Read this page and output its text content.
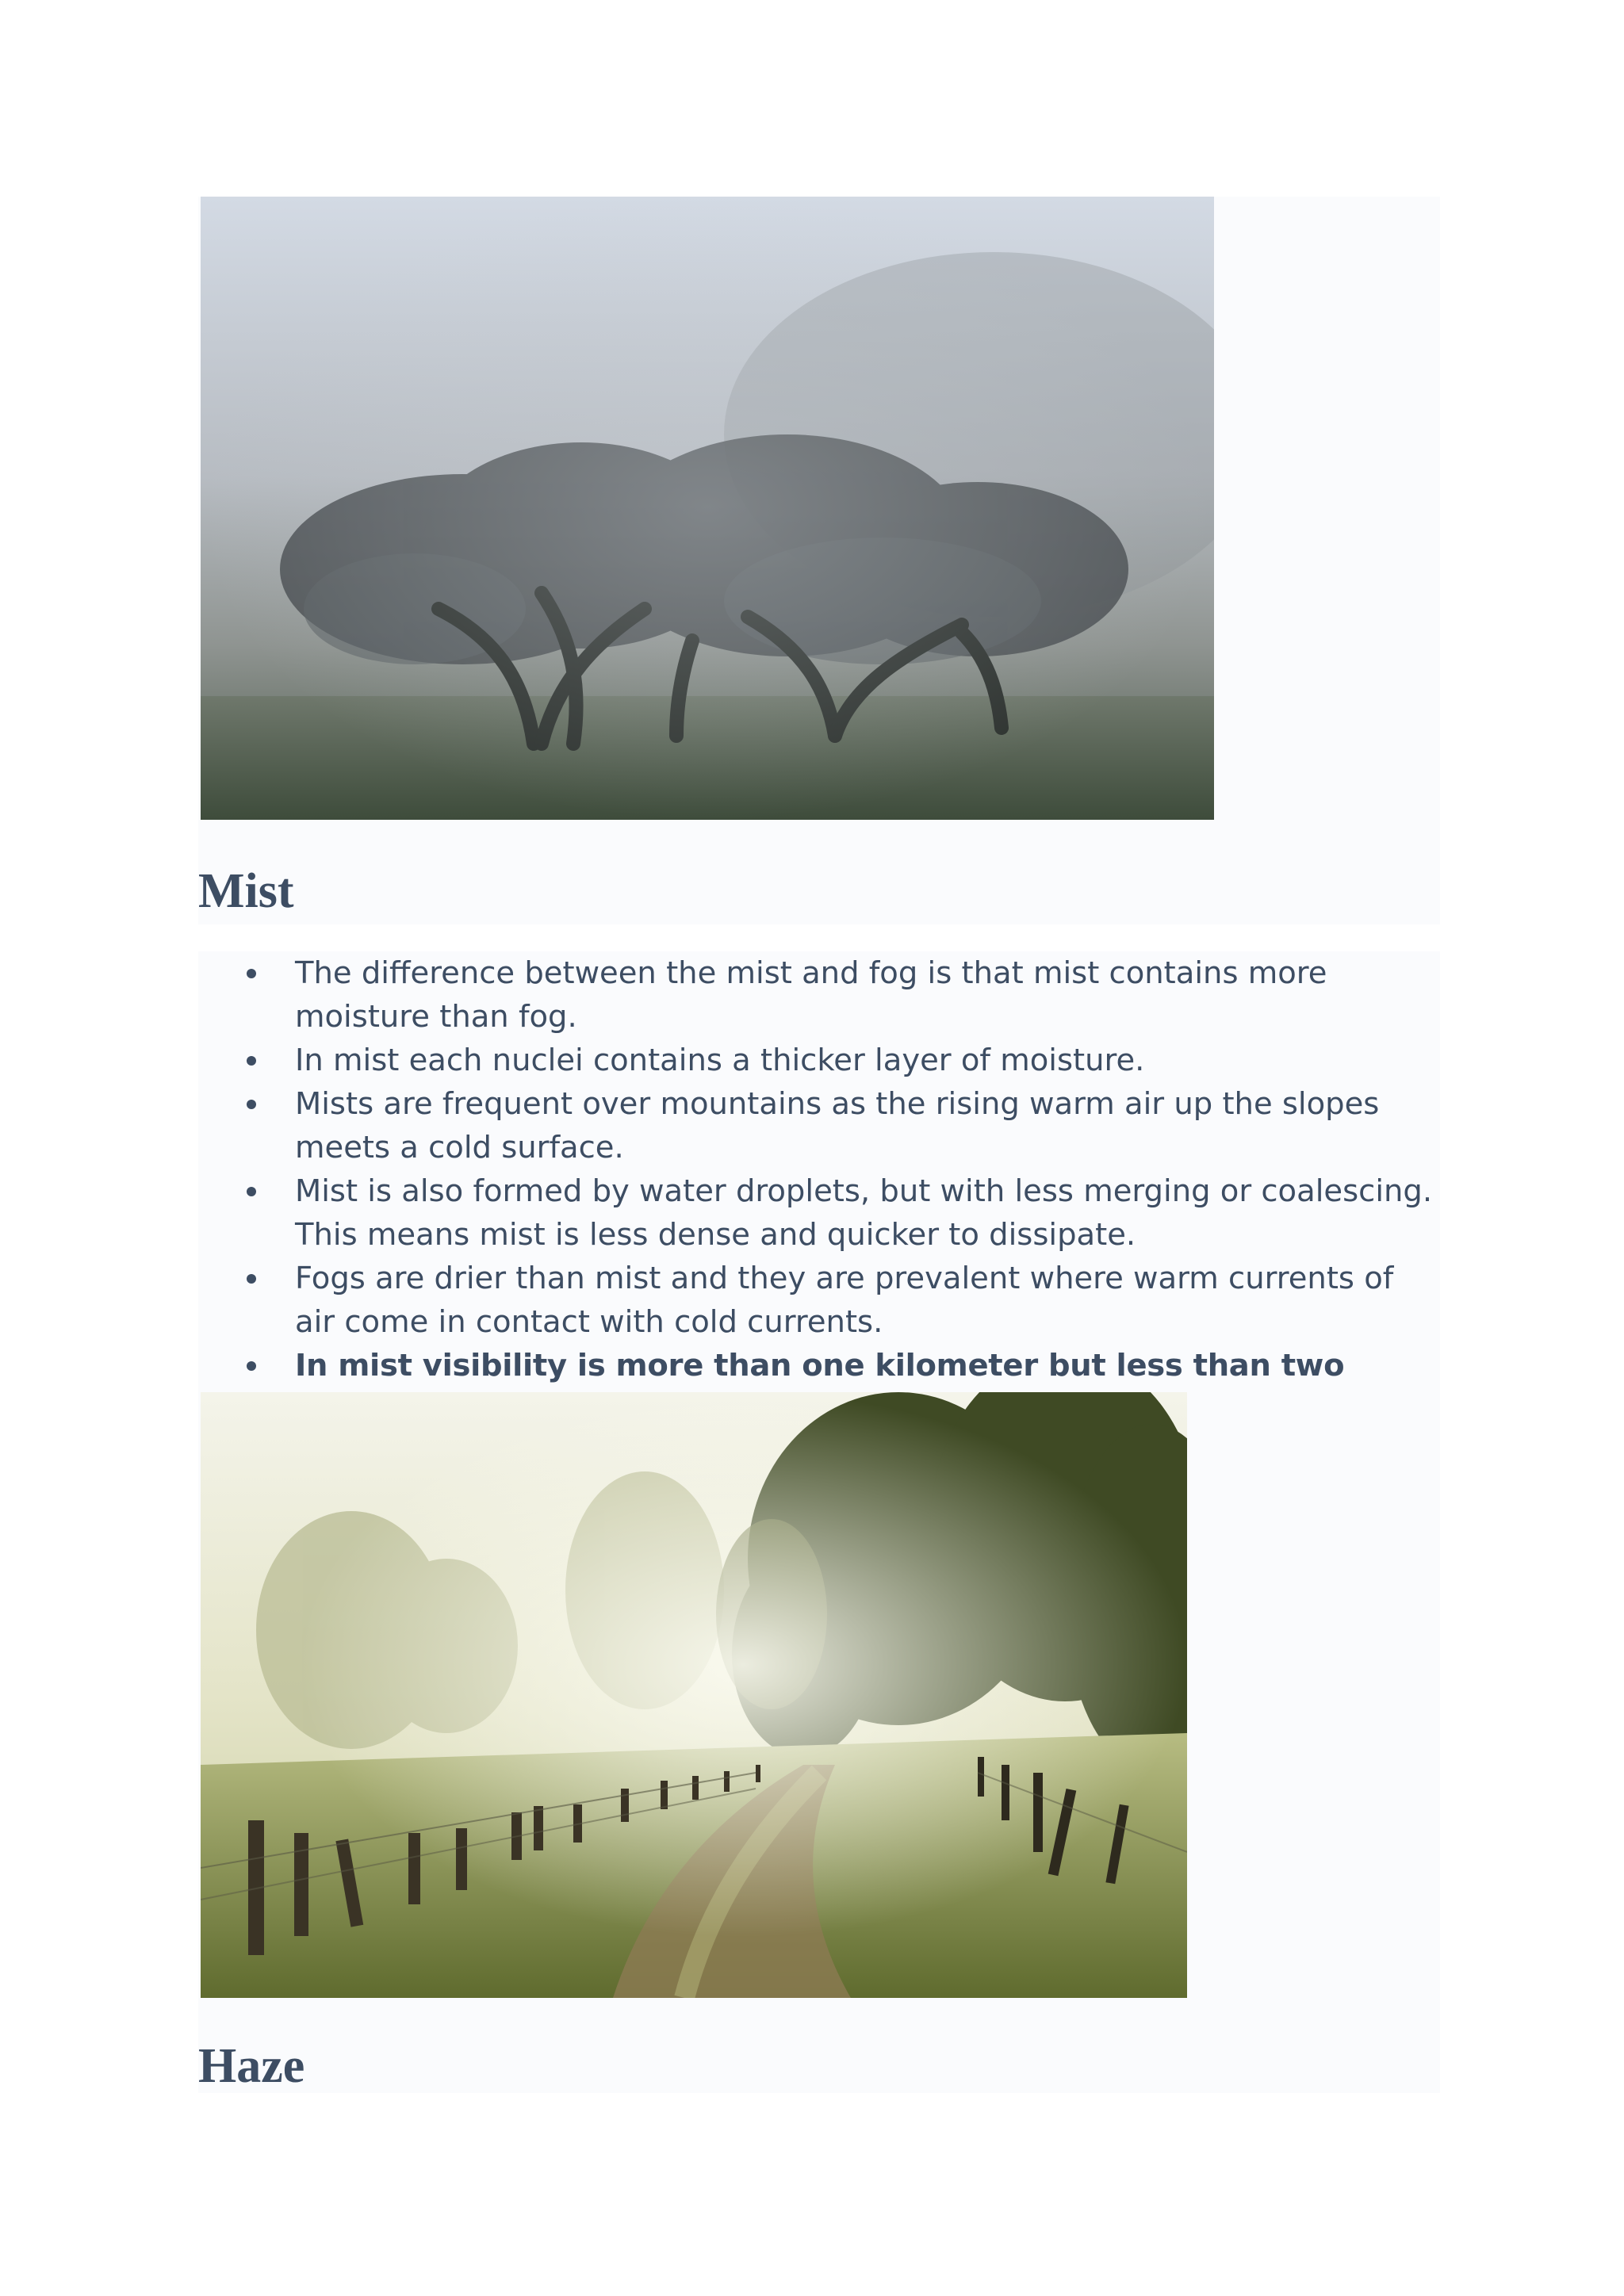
Mist
The difference between the mist and fog is that mist contains more moisture than fog.
In mist each nuclei contains a thicker layer of moisture.
Mists are frequent over mountains as the rising warm air up the slopes meets a cold surface.
Mist is also formed by water droplets, but with less merging or coalescing. This means mist is less dense and quicker to dissipate.
Fogs are drier than mist and they are prevalent where warm currents of air come in contact with cold currents.
In mist visibility is more than one kilometer but less than two
Haze
